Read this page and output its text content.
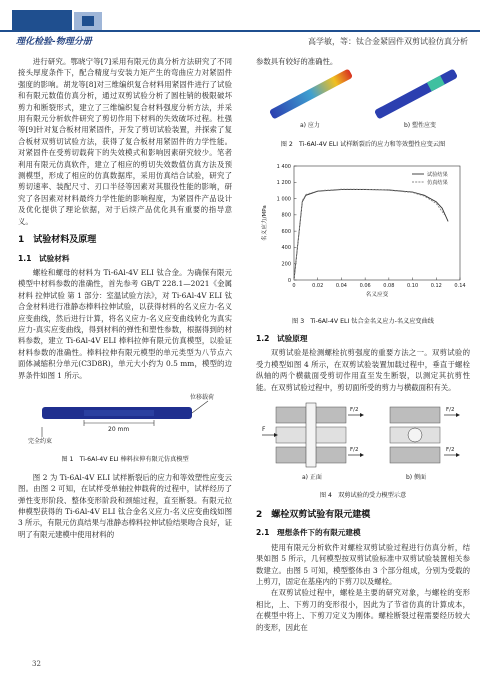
理化检验-物理分册	高学敏，等：钛合金紧固件双剪试验仿真分析

进行研究。鄂晓宁等[7]采用有限元仿真分析方法研究了不同接头厚度条件下，配合精度与安装力矩产生的弯曲应力对紧固件强度的影响。胡龙等[8]对三维编织复合材料用紧固件进行了试验和有限元数值仿真分析，通过双剪试验分析了圆柱销的极限破坏剪力和断裂形式，建立了三维编织复合材料强度分析方法，并采用有限元分析软件研究了剪切作用下材料的失效破坏过程。杜强等[9]针对复合板材用紧固件，开发了剪切试验装置，并探索了复合板材双剪切试验方法，获得了复合板材用紧固件的力学性能。对紧固件在受剪切载荷下的失效模式和影响因素研究较少。笔者利用有限元仿真软件，建立了相应的剪切失效数值仿真方法及预测模型，形成了相应的仿真数据库，采用仿真结合试验，研究了剪切速率、装配尺寸、刃口半径等因素对其服役性能的影响，研究了各因素对材料最终力学性能的影响程度，为紧固件产品设计及优化提供了理论依据，对于后续产品优化具有重要的指导意义。

1　试验材料及原理
1.1　试验材料

螺栓和螺母的材料为 Ti-6Al-4V ELI 钛合金。为确保有限元模型中材料参数的准确性，首先参考 GB/T 228.1—2021《金属材料 拉伸试验 第 1 部分：室温试验方法》，对 Ti-6Al-4V ELI 钛合金材料进行准静态棒料拉伸试验，以获得材料的名义应力-名义应变曲线，然后进行计算，将名义应力-名义应变曲线转化为真实应力-真实应变曲线，得到材料的弹性和塑性参数，根据得到的材料参数，建立 Ti-6Al-4V ELI 棒料拉伸有限元仿真模型，以验证材料参数的准确性。棒料拉伸有限元模型的单元类型为八节点六面体减缩积分单元(C3D8R)，单元大小约为 0.5 mm，模型的边界条件如图 1 所示。

完全约束
20 mm
位移载荷
图 1　Ti-6Al-4V ELI 棒料拉伸有限元仿真模型

图 2 为 Ti-6Al-4V ELI 试样断裂后的应力和等效塑性应变云图。由图 2 可知，在试样受单轴拉伸载荷的过程中，试样经历了弹性变形阶段、整体变形阶段和颈缩过程，直至断裂。有限元拉伸模型获得的 Ti-6Al-4V ELI 钛合金名义应力-名义应变曲线如图 3 所示，有限元仿真结果与准静态棒料拉伸试验结果吻合良好，证明了有限元建模中使用材料的

32

参数具有较好的准确性。

a) 应力	b) 塑性应变
图 2　Ti-6Al-4V ELI 试样断裂后的应力和等效塑性应变云图
0	0.02	0.04	0.06	0.08	0.10	0.12	0.14
0
200
400
600
800
1 000
1 200
1 400
名义应变
名义应力/MPa
试验结果
仿真结果
图 3　Ti-6Al-4V ELI 钛合金名义应力-名义应变曲线
1.2　试验原理

双剪试验是检测螺栓抗剪强度的重要方法之一。双剪试验的受力模型如图 4 所示，在双剪试验装置加载过程中，垂直于螺栓纵轴的两个横截面受剪切作用直至发生断裂，以测定其抗剪性能。在双剪试验过程中，剪切面所受的剪力与横截面积有关。

F
F/2
F/2
F/2
F/2
a) 正面	b) 侧面
图 4　双剪试验的受力模型示意
2　螺栓双剪试验有限元建模
2.1　理想条件下的有限元建模

使用有限元分析软件对螺栓双剪试验过程进行仿真分析，结果如图 5 所示，几何模型按双剪试验标准中双剪试验装置相关参数建立。由图 5 可知，模型整体由 3 个部分组成，分别为受载的上剪刀，固定在基座内的下剪刀以及螺栓。

在双剪试验过程中，螺栓是主要的研究对象，与螺栓的变形相比，上、下剪刀的变形很小，因此为了节省仿真的计算成本，在模型中将上、下剪刀定义为刚体。螺栓断裂过程需要经历较大的变形，因此在
